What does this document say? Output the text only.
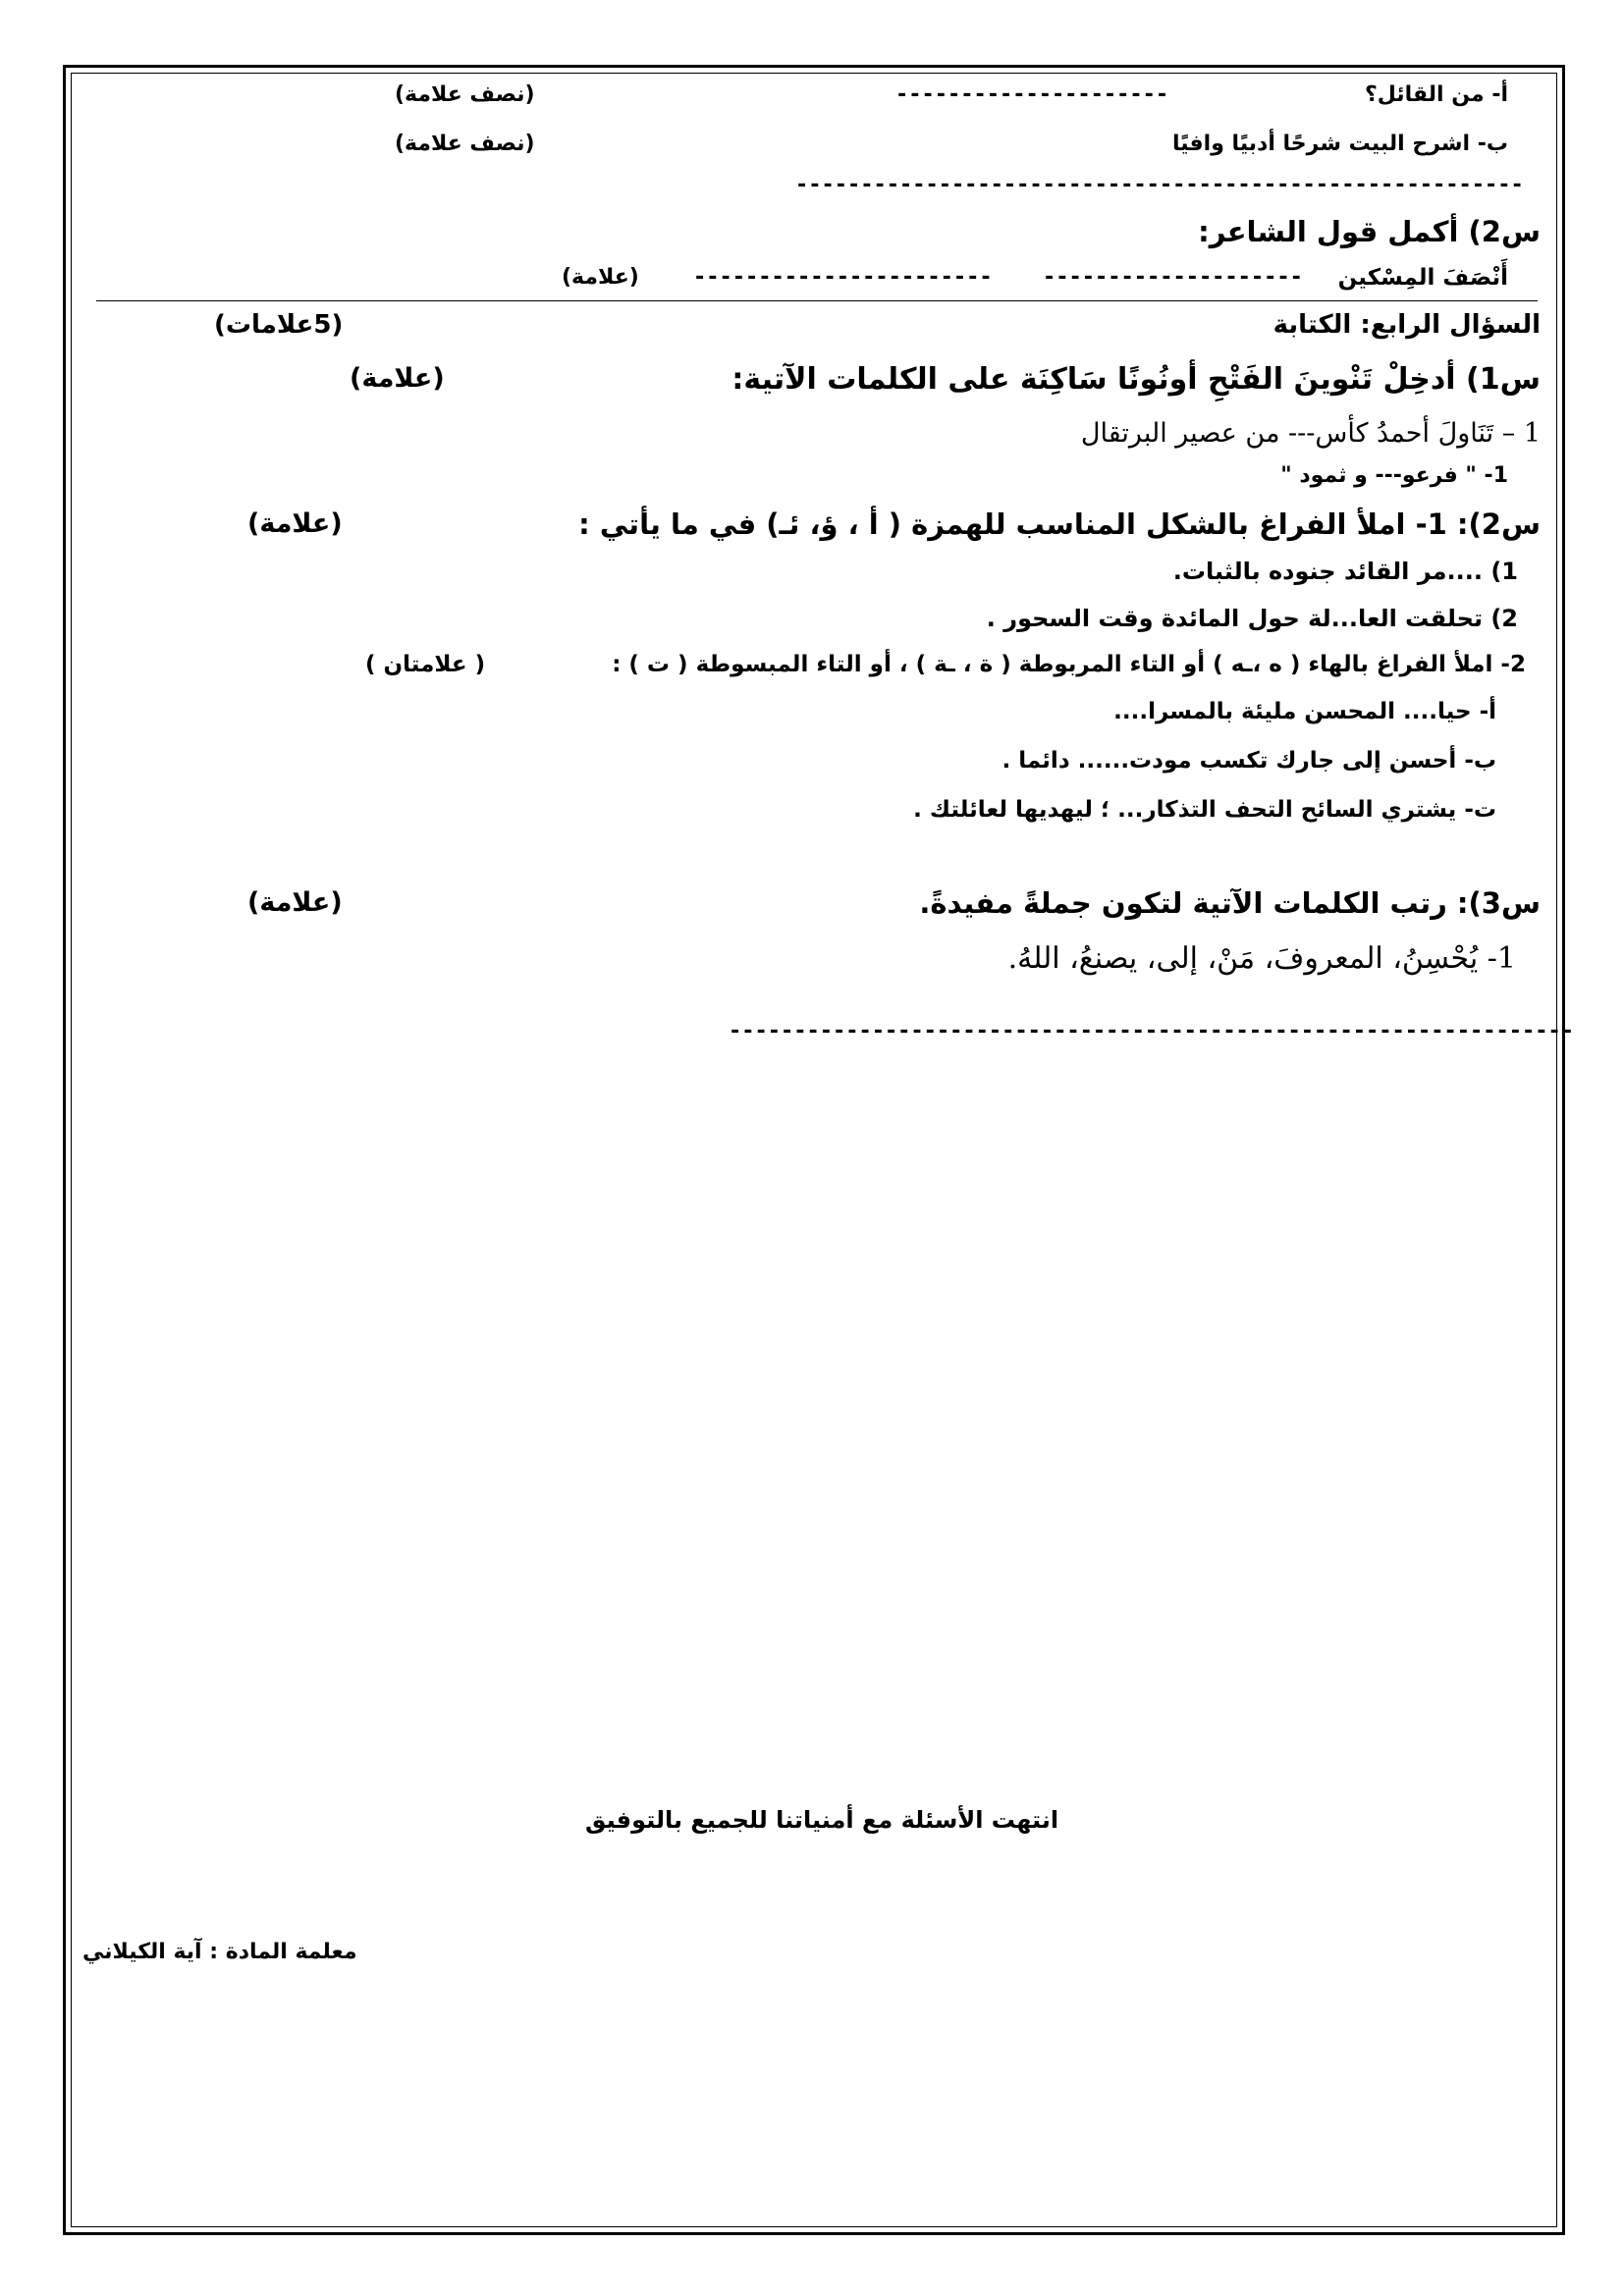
أ- من القائل؟
---------------------
(نصف علامة)
ب- اشرح البيت شرحًا أدبيًا وافيًا
(نصف علامة)
--------------------------------------------------------
س2) أكمل قول الشاعر:
أَنْصَفَ المِسْكين
--------------------
-----------------------
(علامة)
السؤال الرابع: الكتابة
(5علامات)
س1) أدخِلْ تَنْوينَ الفَتْحِ أونُونًا سَاكِنَة على الكلمات الآتية:
(علامة)
1 – تَنَاولَ أحمدُ كأس--- من عصير البرتقال
1- " فرعو--- و ثمود "
س2): 1- املأ الفراغ بالشكل المناسب للهمزة ( أ ، ؤ، ئـ) في ما يأتي :
(علامة)
1) ....مر القائد جنوده بالثبات.
2) تحلقت العا...لة حول المائدة وقت السحور .
2- املأ الفراغ بالهاء ( ه ،ـه ) أو التاء المربوطة ( ة ، ـة ) ، أو التاء المبسوطة ( ت ) :
( علامتان )
أ- حيا.... المحسن مليئة بالمسرا....
ب- أحسن إلى جارك تكسب مودت...... دائما .
ت- يشتري السائح التحف التذكار... ؛ ليهديها لعائلتك .
س3): رتب الكلمات الآتية لتكون جملةً مفيدةً.
(علامة)
1- يُحْسِنُ، المعروفَ، مَنْ، إلى، يصنعُ، اللهُ.
-----------------------------------------------------------------
انتهت الأسئلة مع أمنياتنا للجميع بالتوفيق
معلمة المادة : آية الكيلاني
